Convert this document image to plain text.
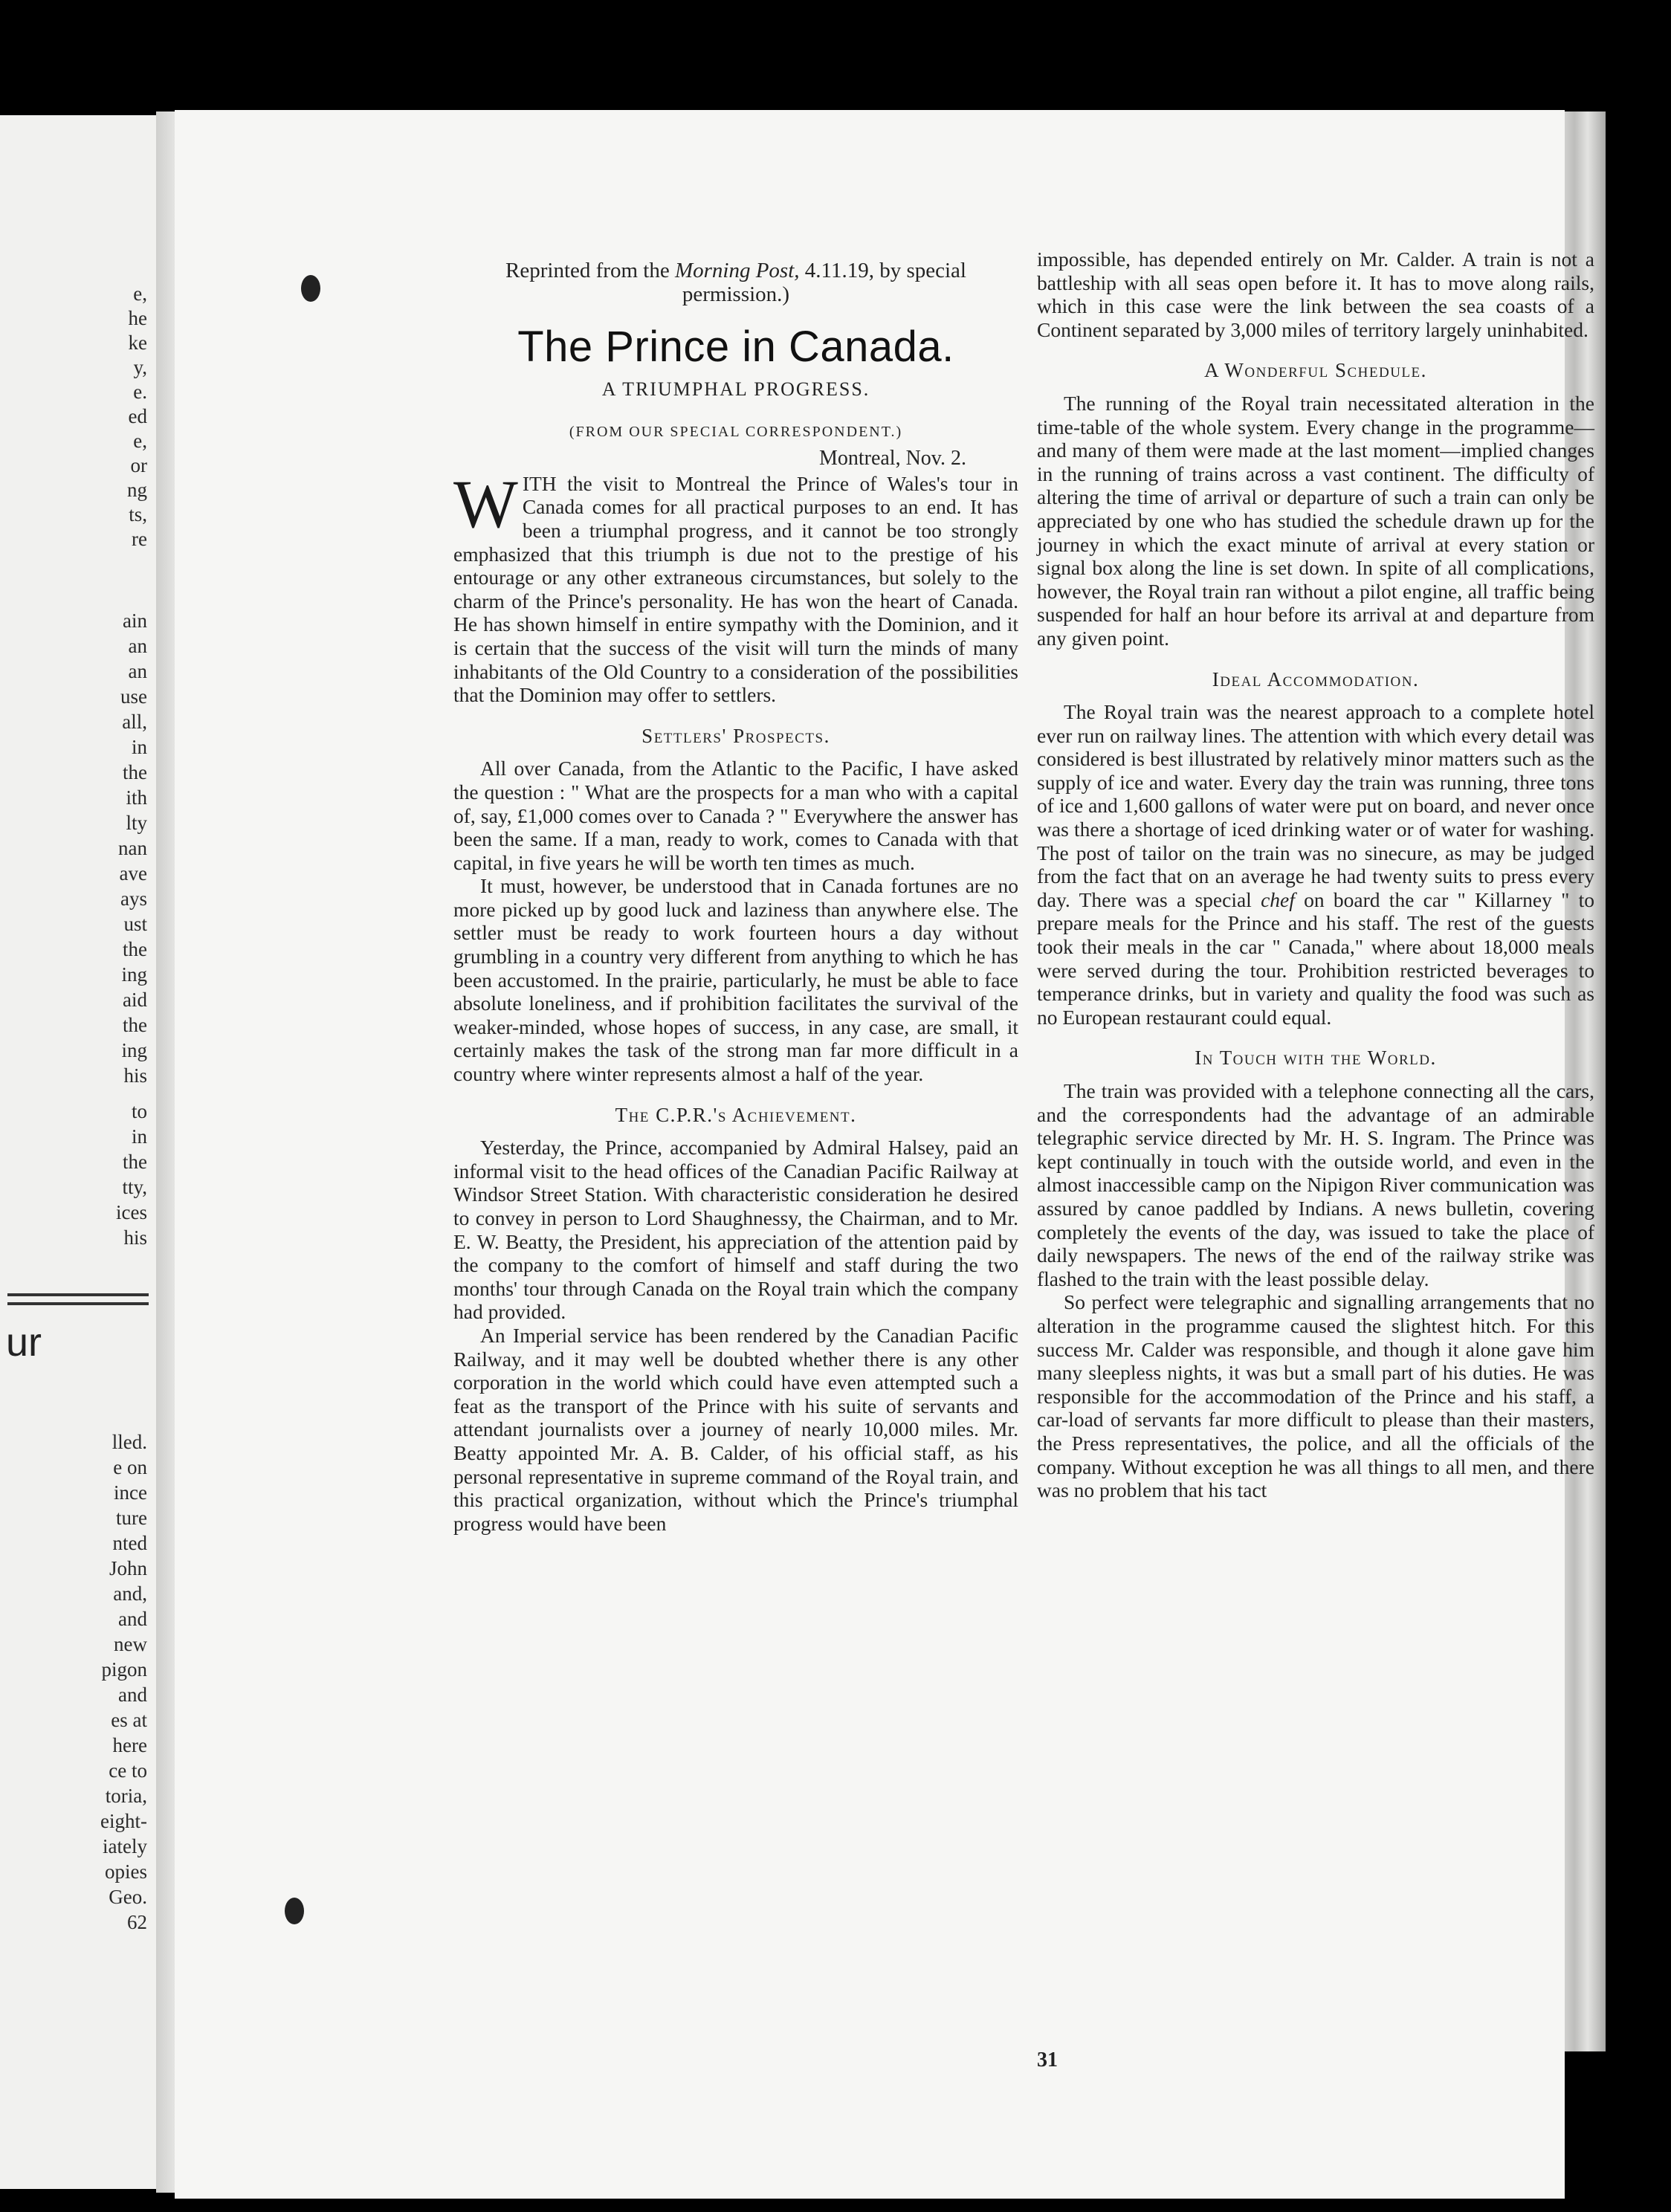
e,
he
ke
y,
e.
ed
e,
or
ng
ts,
re
ain
an
an
use
all,
in
the
ith
lty
nan
ave
ays
ust
the
ing
aid
the
ing
his
to
in
the
tty,
ices
his
ur
lled.
e on
ince
ture
nted
John
and,
and
new
pigon
and
es at
here
ce to
toria,
eight-
iately
opies
Geo.
62
Reprinted from the Morning Post, 4.11.19, by special permission.)
The Prince in Canada.
A TRIUMPHAL PROGRESS.
(FROM OUR SPECIAL CORRESPONDENT.)
Montreal, Nov. 2.

WITH the visit to Montreal the Prince of Wales's tour in Canada comes for all practical purposes to an end. It has been a triumphal progress, and it cannot be too strongly emphasized that this triumph is due not to the prestige of his entourage or any other extraneous circumstances, but solely to the charm of the Prince's personality. He has won the heart of Canada. He has shown himself in entire sympathy with the Dominion, and it is certain that the success of the visit will turn the minds of many inhabitants of the Old Country to a consideration of the possibilities that the Dominion may offer to settlers.

Settlers' Prospects.

All over Canada, from the Atlantic to the Pacific, I have asked the question : " What are the prospects for a man who with a capital of, say, £1,000 comes over to Canada ? " Everywhere the answer has been the same. If a man, ready to work, comes to Canada with that capital, in five years he will be worth ten times as much.

It must, however, be understood that in Canada fortunes are no more picked up by good luck and laziness than anywhere else. The settler must be ready to work fourteen hours a day without grumbling in a country very different from anything to which he has been accustomed. In the prairie, particularly, he must be able to face absolute loneliness, and if prohibition facilitates the survival of the weaker-minded, whose hopes of success, in any case, are small, it certainly makes the task of the strong man far more difficult in a country where winter represents almost a half of the year.

The C.P.R.'s Achievement.

Yesterday, the Prince, accompanied by Admiral Halsey, paid an informal visit to the head offices of the Canadian Pacific Railway at Windsor Street Station. With characteristic consideration he desired to convey in person to Lord Shaughnessy, the Chairman, and to Mr. E. W. Beatty, the President, his appreciation of the attention paid by the company to the comfort of himself and staff during the two months' tour through Canada on the Royal train which the company had provided.

An Imperial service has been rendered by the Canadian Pacific Railway, and it may well be doubted whether there is any other corporation in the world which could have even attempted such a feat as the transport of the Prince with his suite of servants and attendant journalists over a journey of nearly 10,000 miles. Mr. Beatty appointed Mr. A. B. Calder, of his official staff, as his personal representative in supreme command of the Royal train, and this practical organization, without which the Prince's triumphal progress would have been

impossible, has depended entirely on Mr. Calder. A train is not a battleship with all seas open before it. It has to move along rails, which in this case were the link between the sea coasts of a Continent separated by 3,000 miles of territory largely uninhabited.

A Wonderful Schedule.

The running of the Royal train necessitated alteration in the time-table of the whole system. Every change in the programme—and many of them were made at the last moment—implied changes in the running of trains across a vast continent. The difficulty of altering the time of arrival or departure of such a train can only be appreciated by one who has studied the schedule drawn up for the journey in which the exact minute of arrival at every station or signal box along the line is set down. In spite of all complications, however, the Royal train ran without a pilot engine, all traffic being suspended for half an hour before its arrival at and departure from any given point.

Ideal Accommodation.

The Royal train was the nearest approach to a complete hotel ever run on railway lines. The attention with which every detail was considered is best illustrated by relatively minor matters such as the supply of ice and water. Every day the train was running, three tons of ice and 1,600 gallons of water were put on board, and never once was there a shortage of iced drinking water or of water for washing. The post of tailor on the train was no sinecure, as may be judged from the fact that on an average he had twenty suits to press every day. There was a special chef on board the car " Killarney " to prepare meals for the Prince and his staff. The rest of the guests took their meals in the car " Canada," where about 18,000 meals were served during the tour. Prohibition restricted beverages to temperance drinks, but in variety and quality the food was such as no European restaurant could equal.

In Touch with the World.

The train was provided with a telephone connecting all the cars, and the correspondents had the advantage of an admirable telegraphic service directed by Mr. H. S. Ingram. The Prince was kept continually in touch with the outside world, and even in the almost inaccessible camp on the Nipigon River communication was assured by canoe paddled by Indians. A news bulletin, covering completely the events of the day, was issued to take the place of daily newspapers. The news of the end of the railway strike was flashed to the train with the least possible delay.

So perfect were telegraphic and signalling arrangements that no alteration in the programme caused the slightest hitch. For this success Mr. Calder was responsible, and though it alone gave him many sleepless nights, it was but a small part of his duties. He was responsible for the accommodation of the Prince and his staff, a car-load of servants far more difficult to please than their masters, the Press representatives, the police, and all the officials of the company. Without exception he was all things to all men, and there was no problem that his tact

31
